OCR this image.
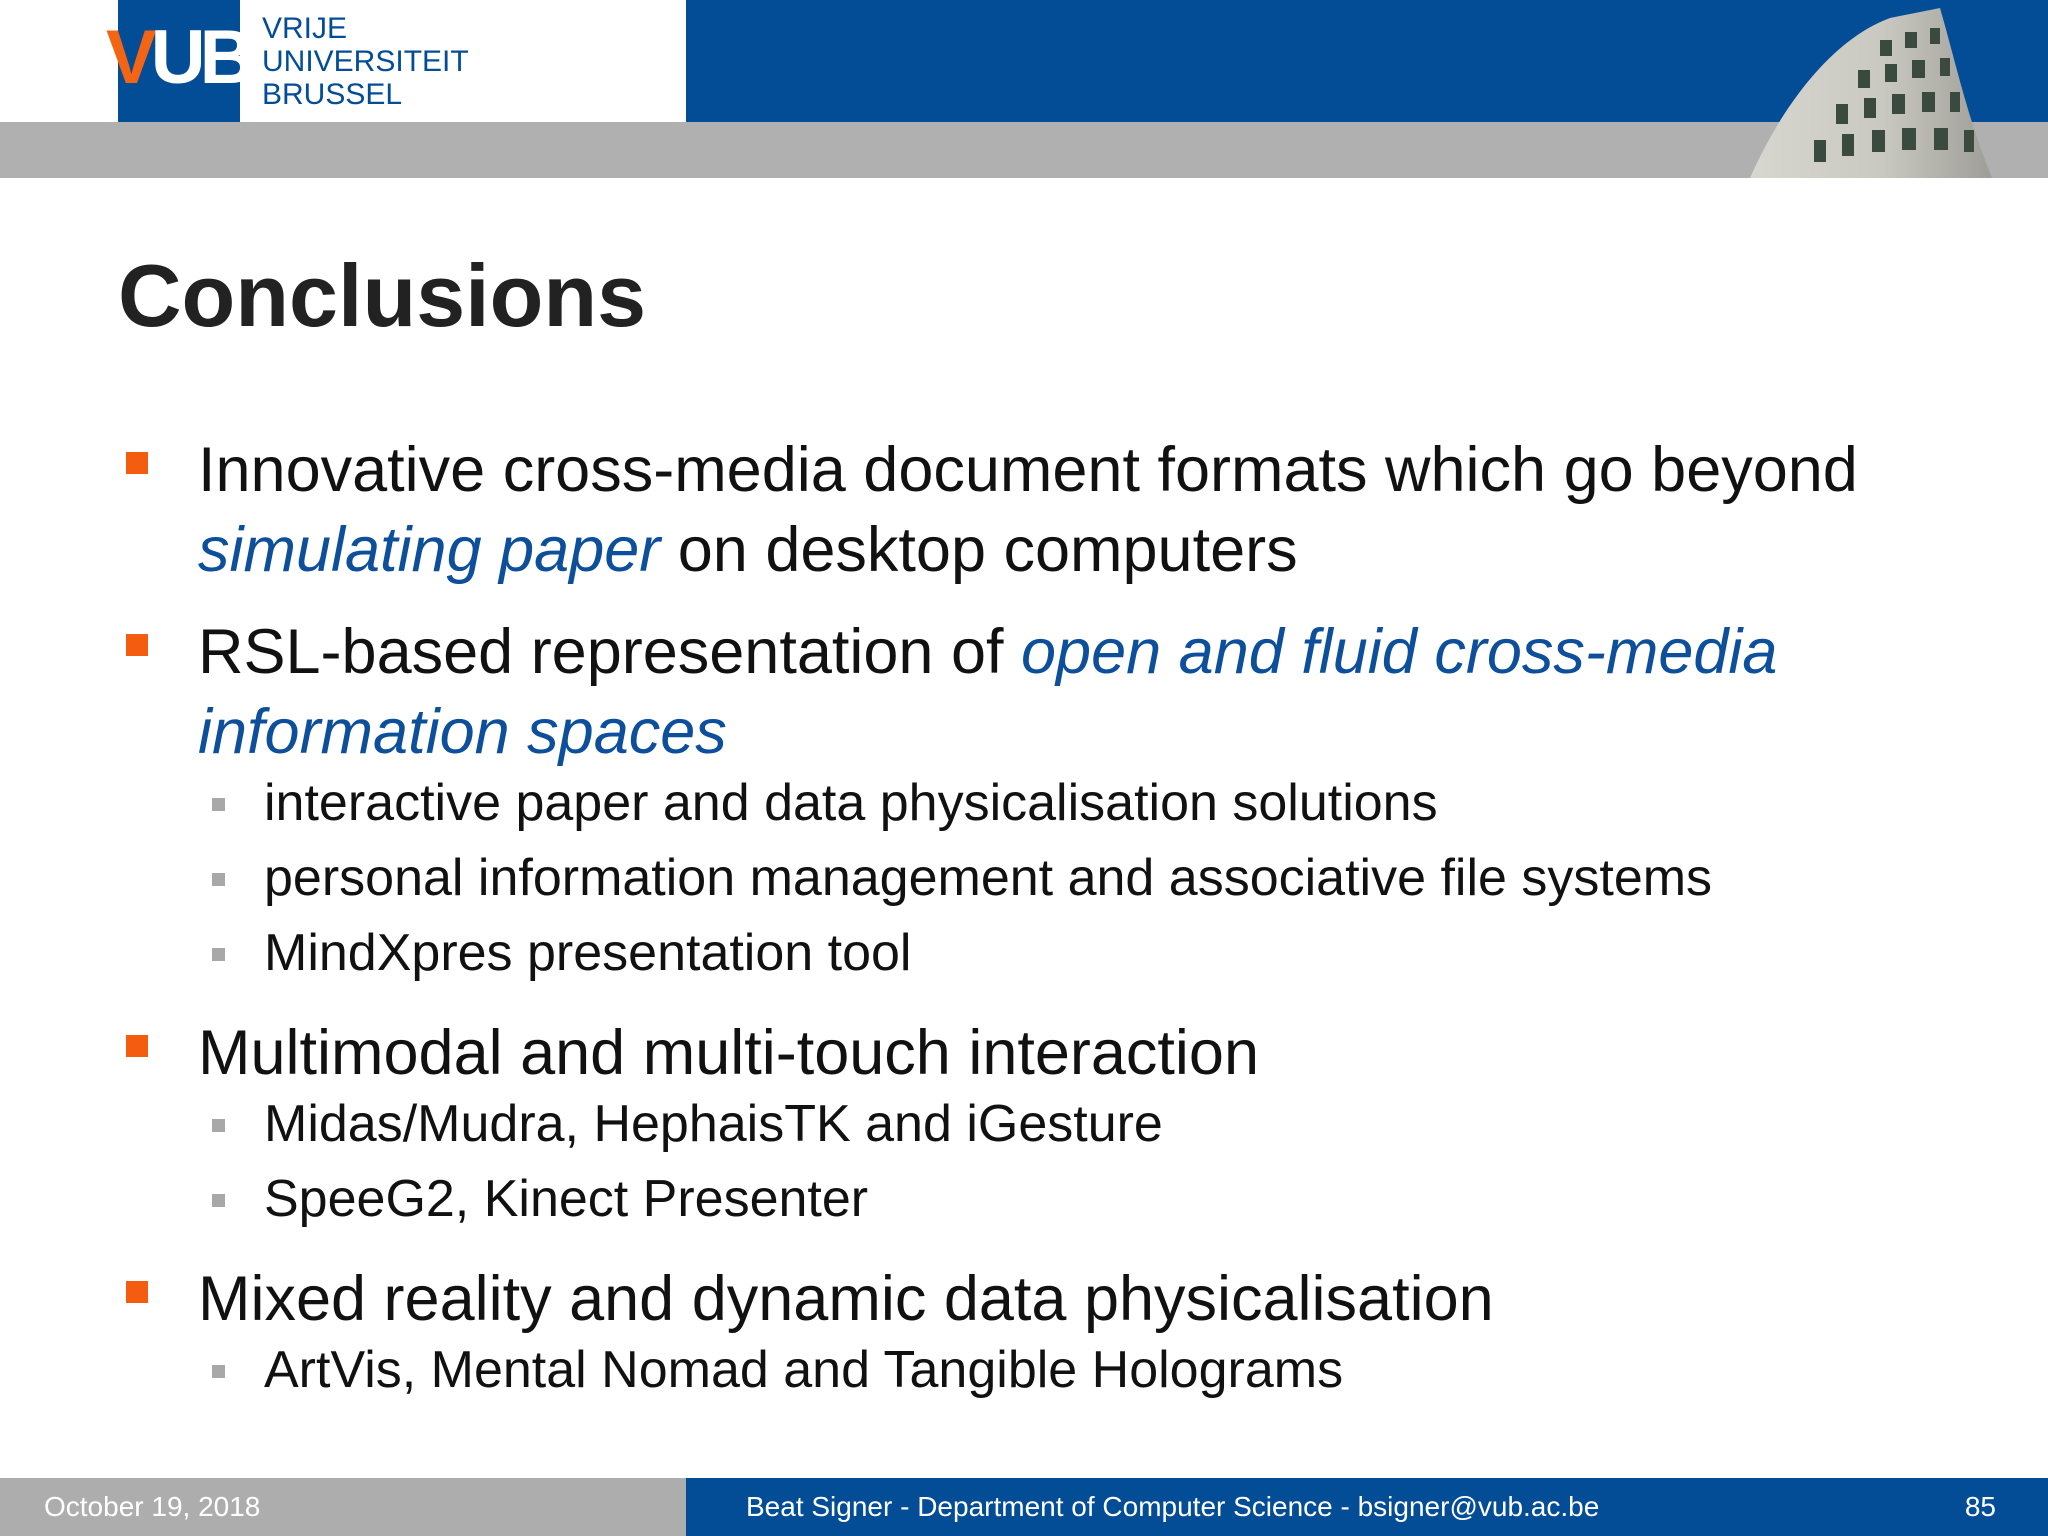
VUB VRIJE
UNIVERSITEIT
BRUSSEL
Conclusions
Innovative cross-media document formats which go beyond simulating paper on desktop computers
RSL-based representation of open and fluid cross-media information spaces
interactive paper and data physicalisation solutions
personal information management and associative file systems
MindXpres presentation tool
Multimodal and multi-touch interaction
Midas/Mudra, HephaisTK and iGesture
SpeeG2, Kinect Presenter
Mixed reality and dynamic data physicalisation
ArtVis, Mental Nomad and Tangible Holograms
October 19, 2018	Beat Signer - Department of Computer Science - bsigner@vub.ac.be	85
